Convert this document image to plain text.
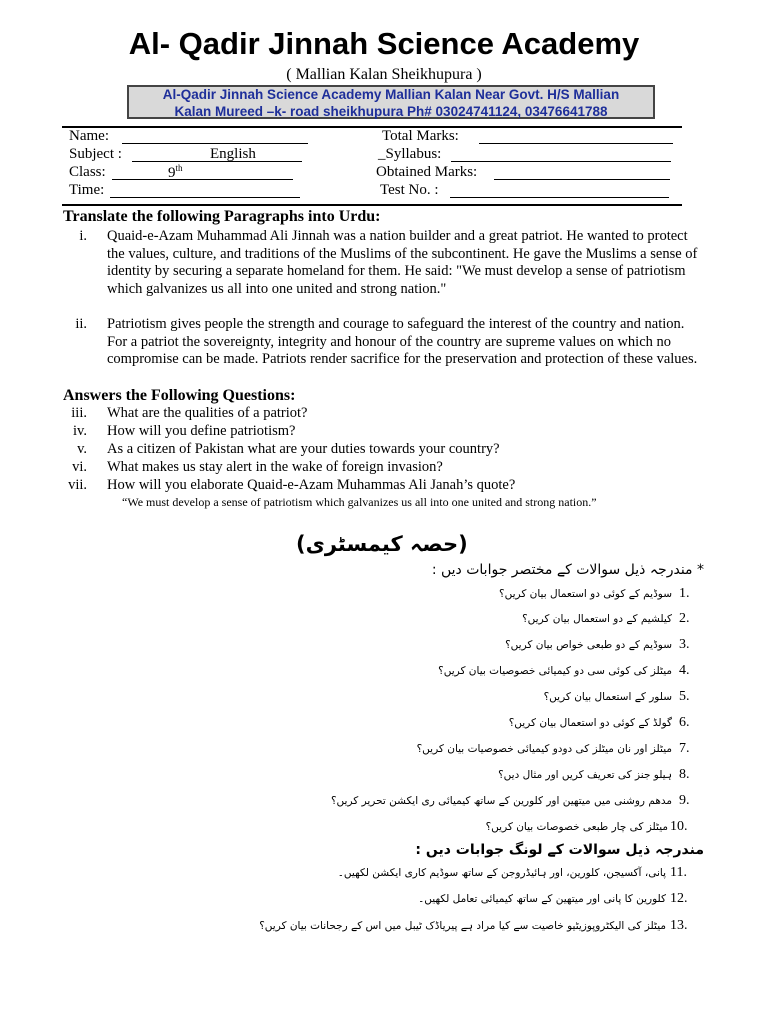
Al- Qadir Jinnah Science Academy
( Mallian Kalan Sheikhupura )
Al-Qadir Jinnah Science Academy Mallian Kalan Near Govt. H/S Mallian
Kalan Mureed –k- road sheikhupura Ph# 03024741124, 03476641788
Name:
Subject :	English
Class:	9th
Time:
Total Marks:
_Syllabus:
Obtained Marks:
Test No. :
Translate the following Paragraphs into Urdu:
i. Quaid-e-Azam Muhammad Ali Jinnah was a nation builder and a great patriot. He wanted to protect the values, culture, and traditions of the Muslims of the subcontinent. He gave the Muslims a sense of identity by securing a separate homeland for them. He said: "We must develop a sense of patriotism which galvanizes us all into one united and strong nation."
ii. Patriotism gives people the strength and courage to safeguard the interest of the country and nation. For a patriot the sovereignty, integrity and honour of the country are supreme values on which no compromise can be made. Patriots render sacrifice for the preservation and protection of these values.
Answers the Following Questions:
iii. What are the qualities of a patriot?
iv. How will you define patriotism?
v. As a citizen of Pakistan what are your duties towards your country?
vi. What makes us stay alert in the wake of foreign invasion?
vii. How will you elaborate Quaid-e-Azam Muhammas Ali Janah’s quote?
“We must develop a sense of patriotism which galvanizes us all into one united and strong nation.”
(حصہ کیمسٹری)
* مندرجہ ذیل سوالات کے مختصر جوابات دیں :
1.
سوڈیم کے کوئی دو استعمال بیان کریں؟
2.
کیلشیم کے دو استعمال بیان کریں؟
3.
سوڈیم کے دو طبعی خواص بیان کریں؟
4.
میٹلز کی کوئی سی دو کیمیائی خصوصیات بیان کریں؟
5.
سلور کے استعمال بیان کریں؟
6.
گولڈ کے کوئی دو استعمال بیان کریں؟
7.
میٹلز اور نان میٹلز کی دودو کیمیائی خصوصیات بیان کریں؟
8.
ہیلو جنز کی تعریف کریں اور مثال دیں؟
9.
مدھم روشنی میں میتھین اور کلورین کے ساتھ کیمیائی ری ایکشن تحریر کریں؟
10.
میٹلز کی چار طبعی خصوصات بیان کریں؟
مندرجہ ذیل سوالات کے لونگ جوابات دیں :
11.
پانی، آکسیجن، کلورین، اور ہائیڈروجن کے ساتھ سوڈیم کاری ایکشن لکھیں۔
12.
کلورین کا پانی اور میتھین کے ساتھ کیمیائی تعامل لکھیں۔
13.
میٹلز کی الیکٹروپوزیٹیو خاصیت سے کیا مراد ہے پیریاڈک ٹیبل میں اس کے رجحانات بیان کریں؟
